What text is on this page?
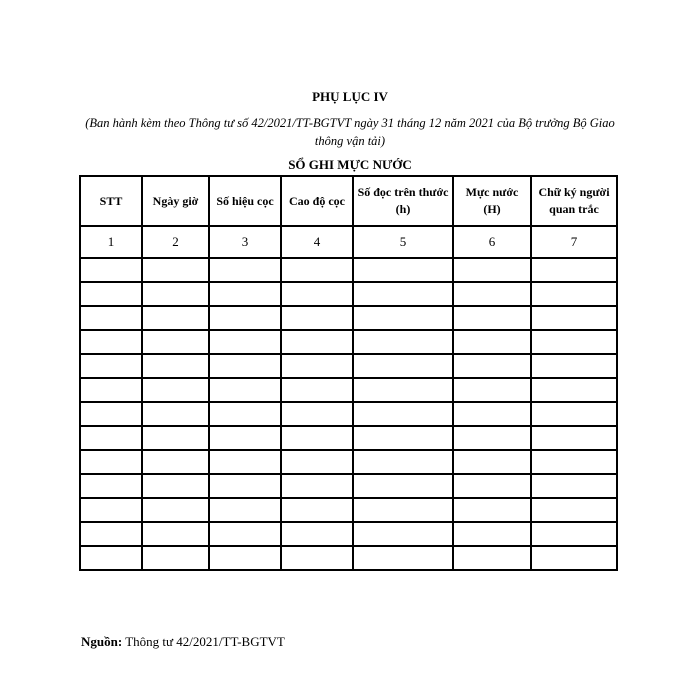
PHỤ LỤC IV
(Ban hành kèm theo Thông tư số 42/2021/TT-BGTVT ngày 31 tháng 12 năm 2021 của Bộ trưởng Bộ Giao thông vận tải)
SỔ GHI MỰC NƯỚC
STT	Ngày giờ	Số hiệu cọc	Cao độ cọc	Số đọc trên thước (h)	Mực nước (H)	Chữ ký người quan trắc
1	2	3	4	5	6	7

Nguồn: Thông tư 42/2021/TT-BGTVT
